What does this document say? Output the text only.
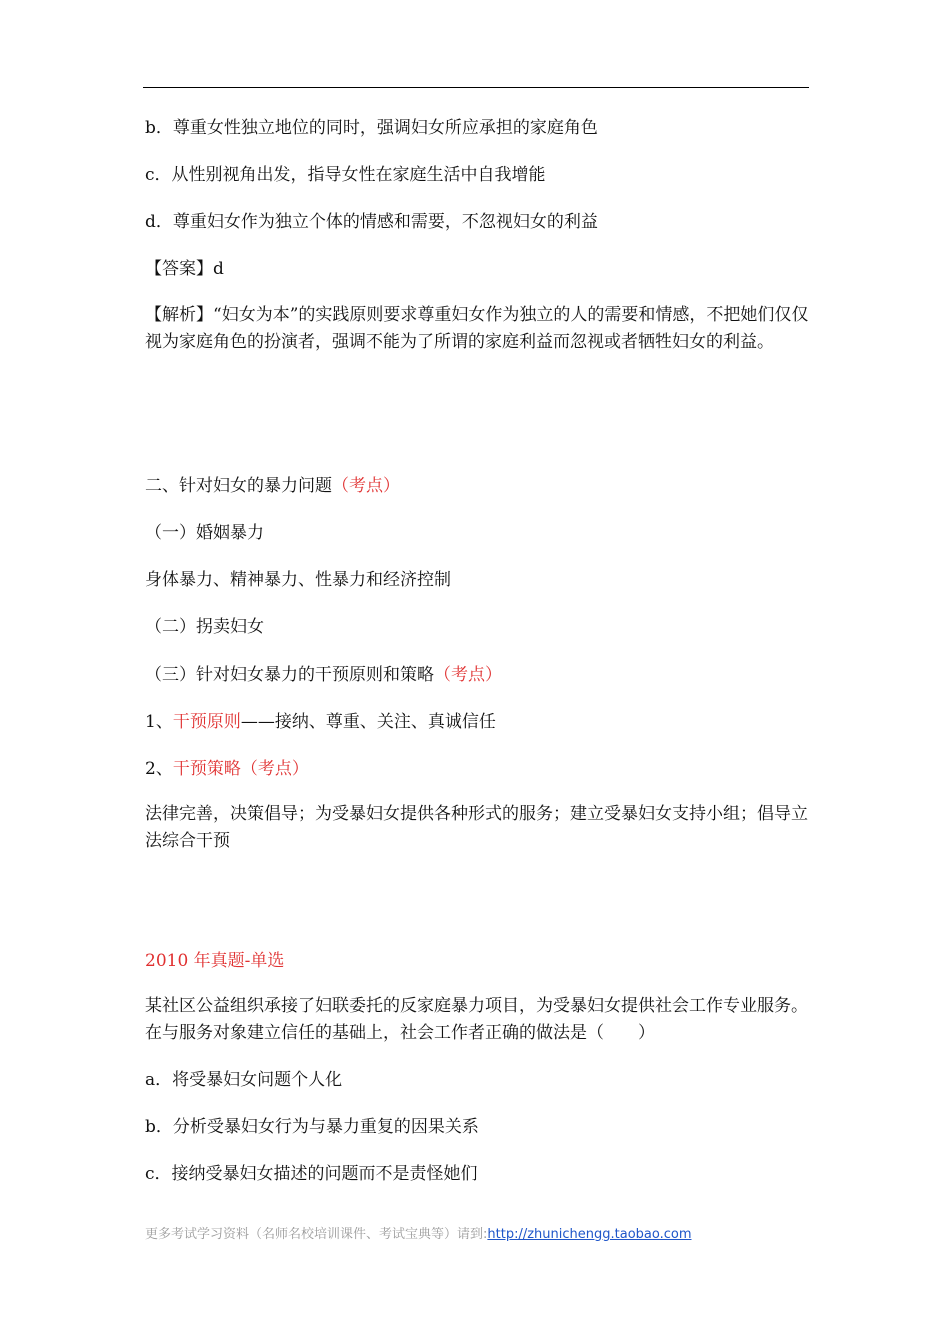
b．尊重女性独立地位的同时，强调妇女所应承担的家庭角色
c．从性别视角出发，指导女性在家庭生活中自我增能
d．尊重妇女作为独立个体的情感和需要，不忽视妇女的利益
【答案】d
【解析】“妇女为本”的实践原则要求尊重妇女作为独立的人的需要和情感，不把她们仅仅视为家庭角色的扮演者，强调不能为了所谓的家庭利益而忽视或者牺牲妇女的利益。
二、针对妇女的暴力问题（考点）
（一）婚姻暴力
身体暴力、精神暴力、性暴力和经济控制
（二）拐卖妇女
（三）针对妇女暴力的干预原则和策略（考点）
1、干预原则——接纳、尊重、关注、真诚信任
2、干预策略（考点）
法律完善，决策倡导；为受暴妇女提供各种形式的服务；建立受暴妇女支持小组；倡导立法综合干预
2010 年真题-单选
某社区公益组织承接了妇联委托的反家庭暴力项目，为受暴妇女提供社会工作专业服务。在与服务对象建立信任的基础上，社会工作者正确的做法是（　　）
a．将受暴妇女问题个人化
b．分析受暴妇女行为与暴力重复的因果关系
c．接纳受暴妇女描述的问题而不是责怪她们
更多考试学习资料（名师名校培训课件、考试宝典等）请到:http://zhunichengg.taobao.com
